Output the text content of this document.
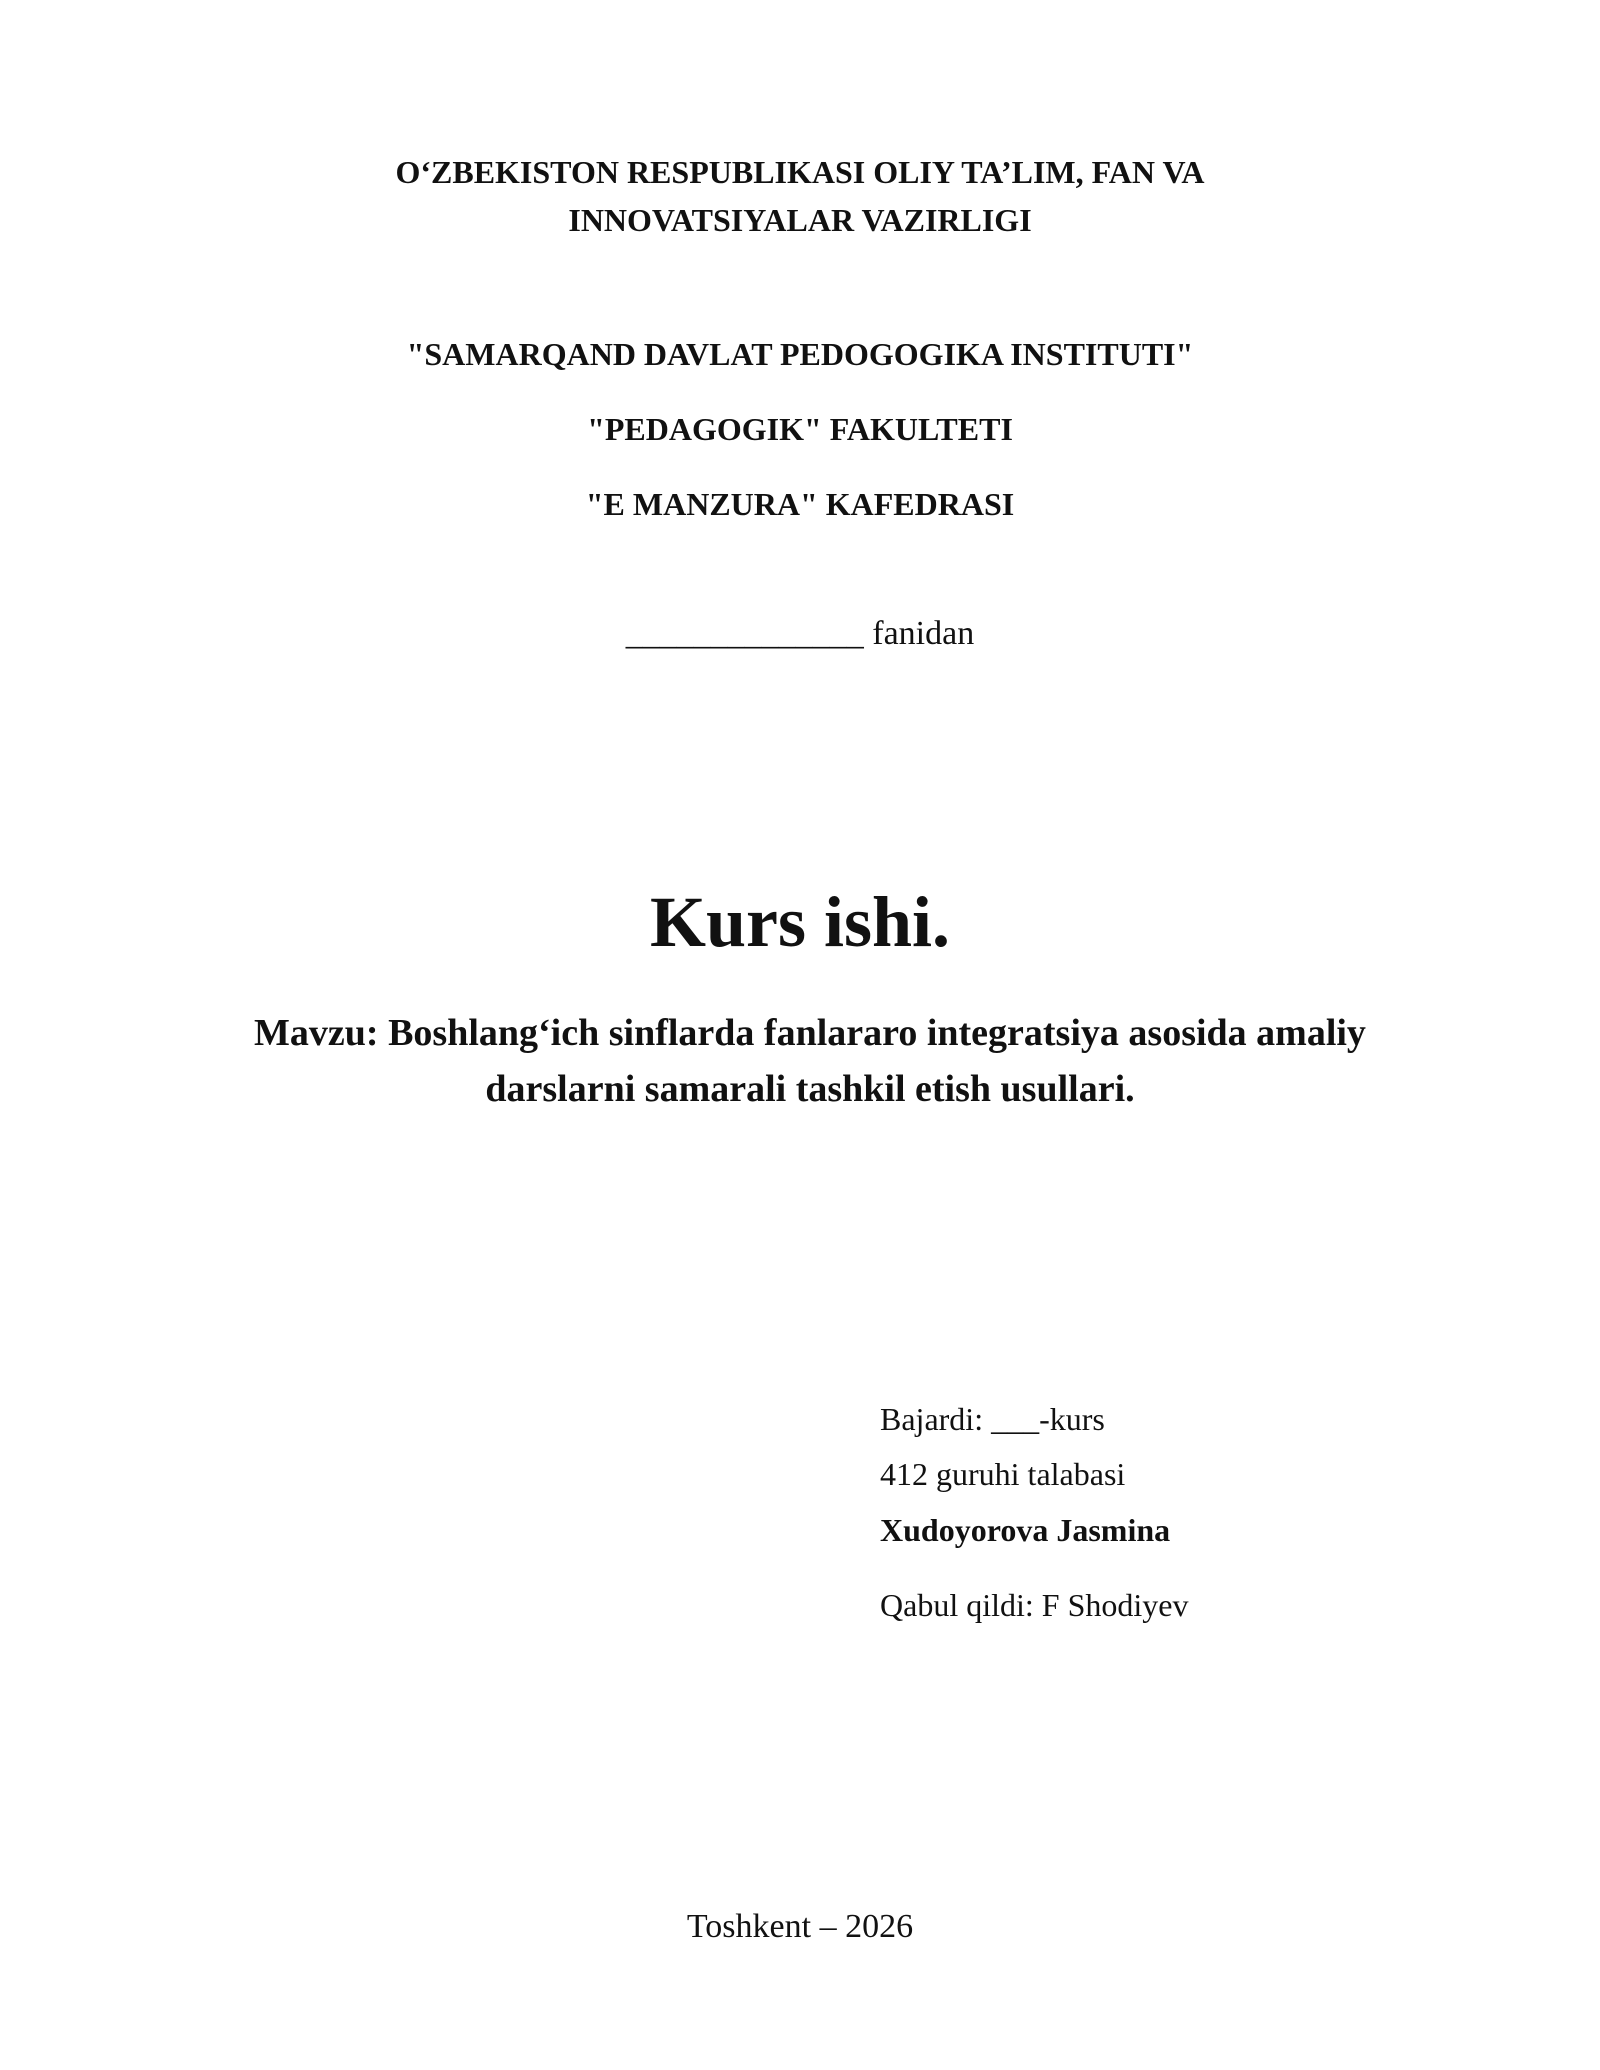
O‘ZBEKISTON RESPUBLIKASI OLIY TA’LIM, FAN VA
INNOVATSIYALAR VAZIRLIGI
"SAMARQAND DAVLAT PEDOGOGIKA INSTITUTI"
"PEDAGOGIK" FAKULTETI
"E MANZURA" KAFEDRASI
______________ fanidan
Kurs ishi.
Mavzu: Boshlang‘ich sinflarda fanlararo integratsiya asosida amaliy
darslarni samarali tashkil etish usullari.
Bajardi: ___-kurs
412 guruhi talabasi
Xudoyorova Jasmina
Qabul qildi: F Shodiyev
Toshkent – 2026
